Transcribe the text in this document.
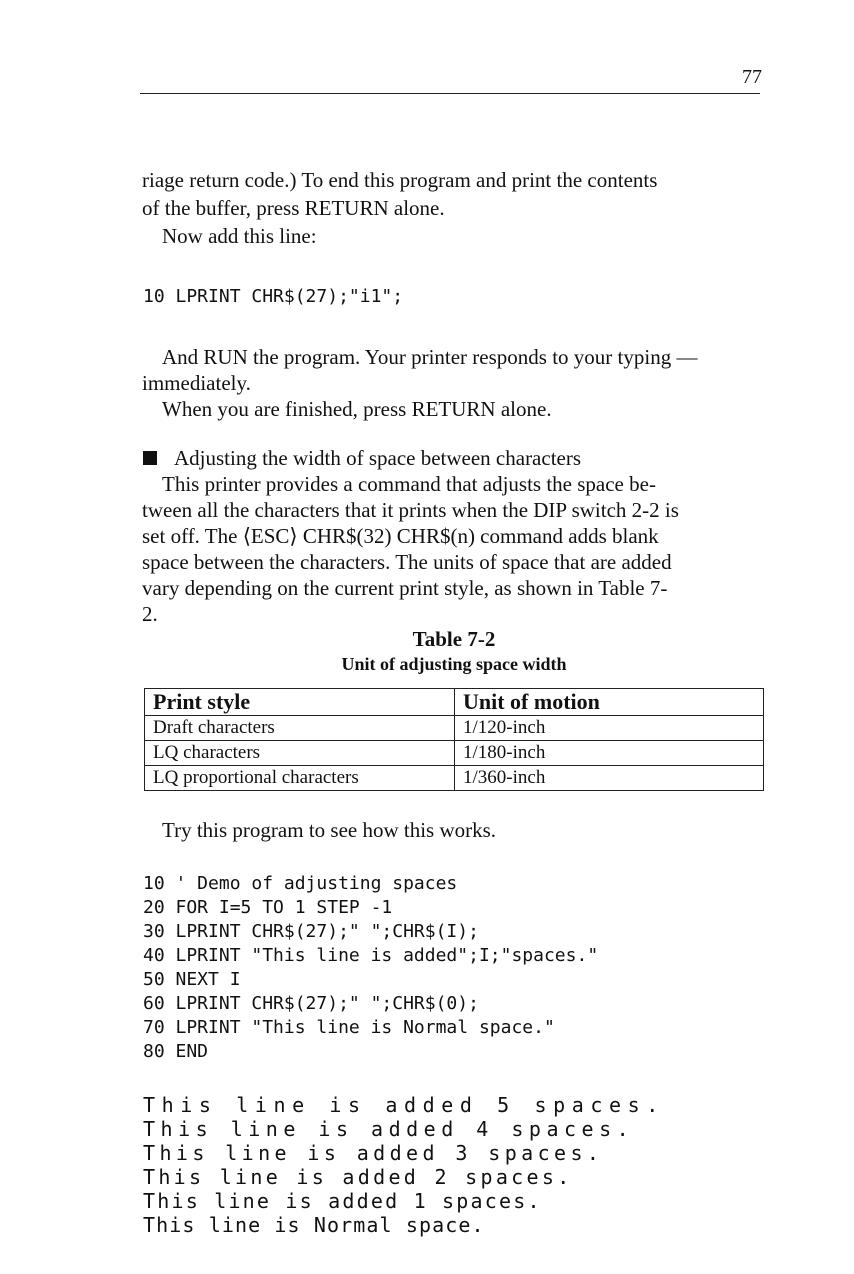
77
riage return code.) To end this program and print the contents
of the buffer, press RETURN alone.
Now add this line:
10 LPRINT CHR$(27);"i1";
And RUN the program. Your printer responds to your typing —
immediately.
When you are finished, press RETURN alone.
Adjusting the width of space between characters
This printer provides a command that adjusts the space be-
tween all the characters that it prints when the DIP switch 2-2 is
set off. The ⟨ESC⟩ CHR$(32) CHR$(n) command adds blank
space between the characters. The units of space that are added
vary depending on the current print style, as shown in Table 7-
2.
Table 7-2
Unit of adjusting space width
Print style	Unit of motion
Draft characters	1/120-inch
LQ characters	1/180-inch
LQ proportional characters	1/360-inch
Try this program to see how this works.
10 ' Demo of adjusting spaces
20 FOR I=5 TO 1 STEP -1
30 LPRINT CHR$(27);" ";CHR$(I);
40 LPRINT "This line is added";I;"spaces."
50 NEXT I
60 LPRINT CHR$(27);" ";CHR$(0);
70 LPRINT "This line is Normal space."
80 END
This line is added 5 spaces.
This line is added 4 spaces.
This line is added 3 spaces.
This line is added 2 spaces.
This line is added 1 spaces.
This line is Normal space.
